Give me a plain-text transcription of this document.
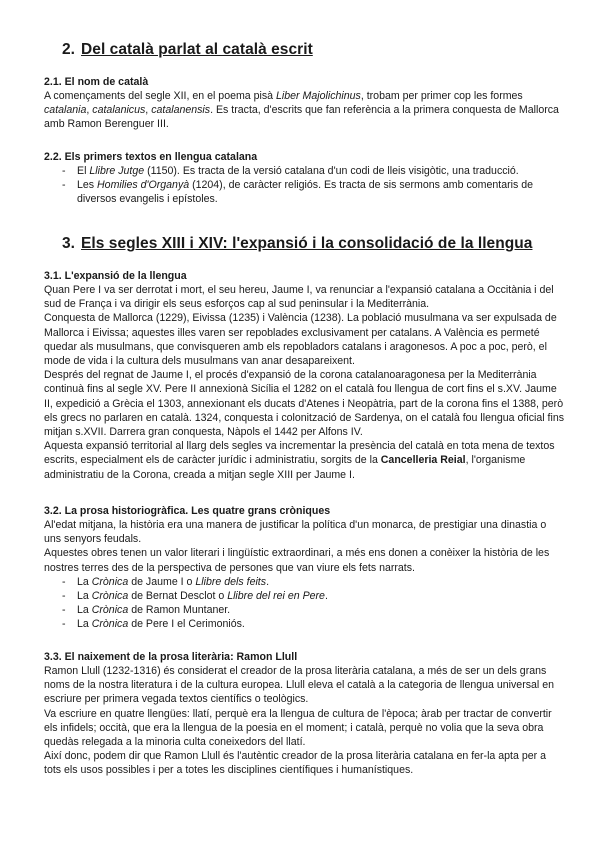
2. Del català parlat al català escrit
2.1. El nom de català

A començaments del segle XII, en el poema pisà Liber Majolichinus, trobam per primer cop les formes catalania, catalanicus, catalanensis. Es tracta, d'escrits que fan referència a la primera conquesta de Mallorca amb Ramon Berenguer III.

2.2. Els primers textos en llengua catalana
- El Llibre Jutge (1150). Es tracta de la versió catalana d'un codi de lleis visigòtic, una traducció.
- Les Homilies d'Organyà (1204), de caràcter religiós. Es tracta de sis sermons amb comentaris de diversos evangelis i epístoles.
3. Els segles XIII i XIV: l'expansió i la consolidació de la llengua
3.1. L'expansió de la llengua

Quan Pere I va ser derrotat i mort, el seu hereu, Jaume I, va renunciar a l'expansió catalana a Occitània i del sud de França i va dirigir els seus esforços cap al sud peninsular i la Mediterrània.

Conquesta de Mallorca (1229), Eivissa (1235) i València (1238). La població musulmana va ser expulsada de Mallorca i Eivissa; aquestes illes varen ser repoblades exclusivament per catalans. A València es permeté quedar als musulmans, que convisqueren amb els repobladors catalans i aragonesos. A poc a poc, però, el mode de vida i la cultura dels musulmans van anar desapareixent.

Després del regnat de Jaume I, el procés d'expansió de la corona catalanoaragonesa per la Mediterrània continuà fins al segle XV. Pere II annexionà Sicília el 1282 on el català fou llengua de cort fins el s.XV. Jaume II, expedició a Grècia el 1303, annexionant els ducats d'Atenes i Neopàtria, part de la corona fins el 1388, però els grecs no parlaren en català. 1324, conquesta i colonització de Sardenya, on el català fou llengua oficial fins mitjan s.XVII. Darrera gran conquesta, Nàpols el 1442 per Alfons IV.

Aquesta expansió territorial al llarg dels segles va incrementar la presència del català en tota mena de textos escrits, especialment els de caràcter jurídic i administratiu, sorgits de la Cancelleria Reial, l'organisme administratiu de la Corona, creada a mitjan segle XIII per Jaume I.

3.2. La prosa historiogràfica. Les quatre grans cròniques

Al'edat mitjana, la història era una manera de justificar la política d'un monarca, de prestigiar una dinastia o uns senyors feudals.

Aquestes obres tenen un valor literari i lingüístic extraordinari, a més ens donen a conèixer la història de les nostres terres des de la perspectiva de persones que van viure els fets narrats.

- La Crònica de Jaume I o Llibre dels feits.
- La Crònica de Bernat Desclot o Llibre del rei en Pere.
- La Crònica de Ramon Muntaner.
- La Crònica de Pere I el Cerimoniós.
3.3. El naixement de la prosa literària: Ramon Llull

Ramon Llull (1232-1316) és considerat el creador de la prosa literària catalana, a més de ser un dels grans noms de la nostra literatura i de la cultura europea. Llull eleva el català a la categoria de llengua universal en escriure per primera vegada textos científics o teològics.

Va escriure en quatre llengües: llatí, perquè era la llengua de cultura de l'època; àrab per tractar de convertir els infidels; occità, que era la llengua de la poesia en el moment; i català, perquè no volia que la seva obra quedàs relegada a la minoria culta coneixedors del llatí.

Així donc, podem dir que Ramon Llull és l'autèntic creador de la prosa literària catalana en fer-la apta per a tots els usos possibles i per a totes les disciplines científiques i humanístiques.
